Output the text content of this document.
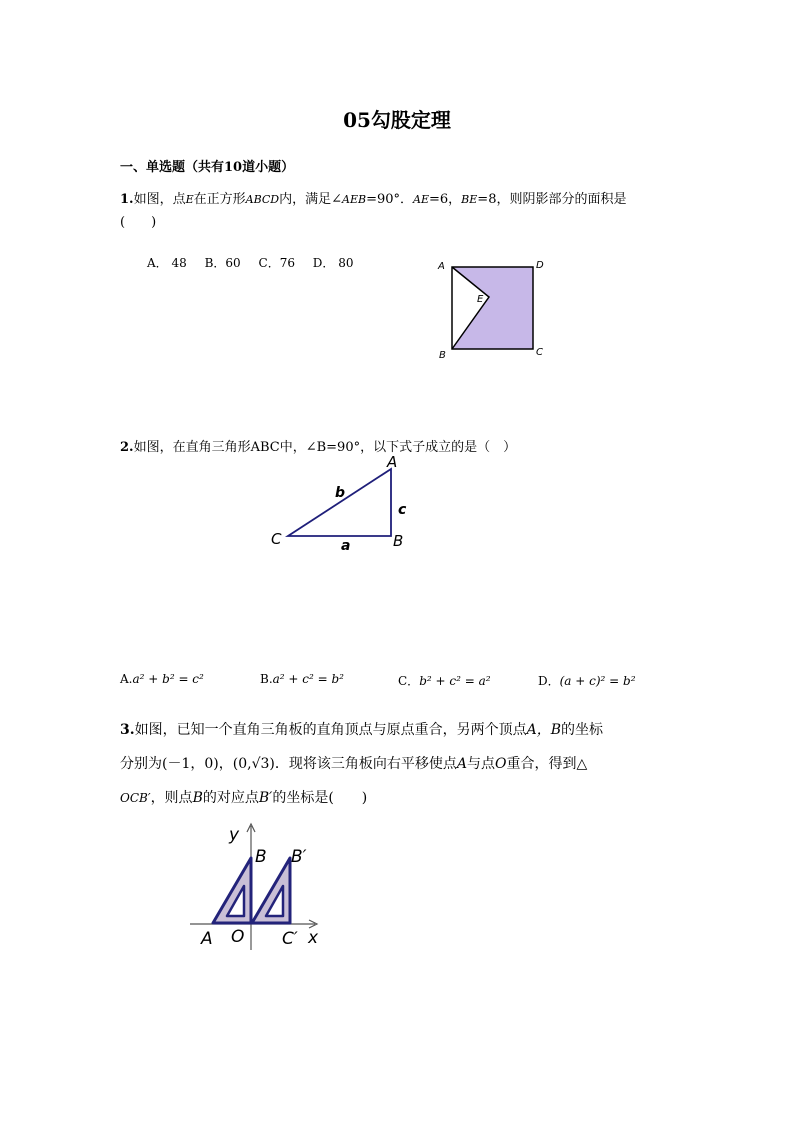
05勾股定理
一、单选题（共有10道小题）
1.如图，点E在正方形ABCD内，满足∠AEB=90°．AE=6，BE=8，则阴影部分的面积是
(　　)
A． 48 B．60 C．76 D． 80	A	D
E
B	C
2.如图，在直角三角形ABC中，∠B=90°，以下式子成立的是（　）
A
B
C	a
b
c
A.a² + b² = c²	B.a² + c² = b²	C．b² + c² = a²	D．(a + c)² = b²
3.如图，已知一个直角三角板的直角顶点与原点重合，另两个顶点A，B的坐标
分别为(－1，0)，(0,√3)．现将该三角板向右平移使点A与点O重合，得到△
OCB′，则点B的对应点B′的坐标是(　　)
y
x
B B′
A O C′
